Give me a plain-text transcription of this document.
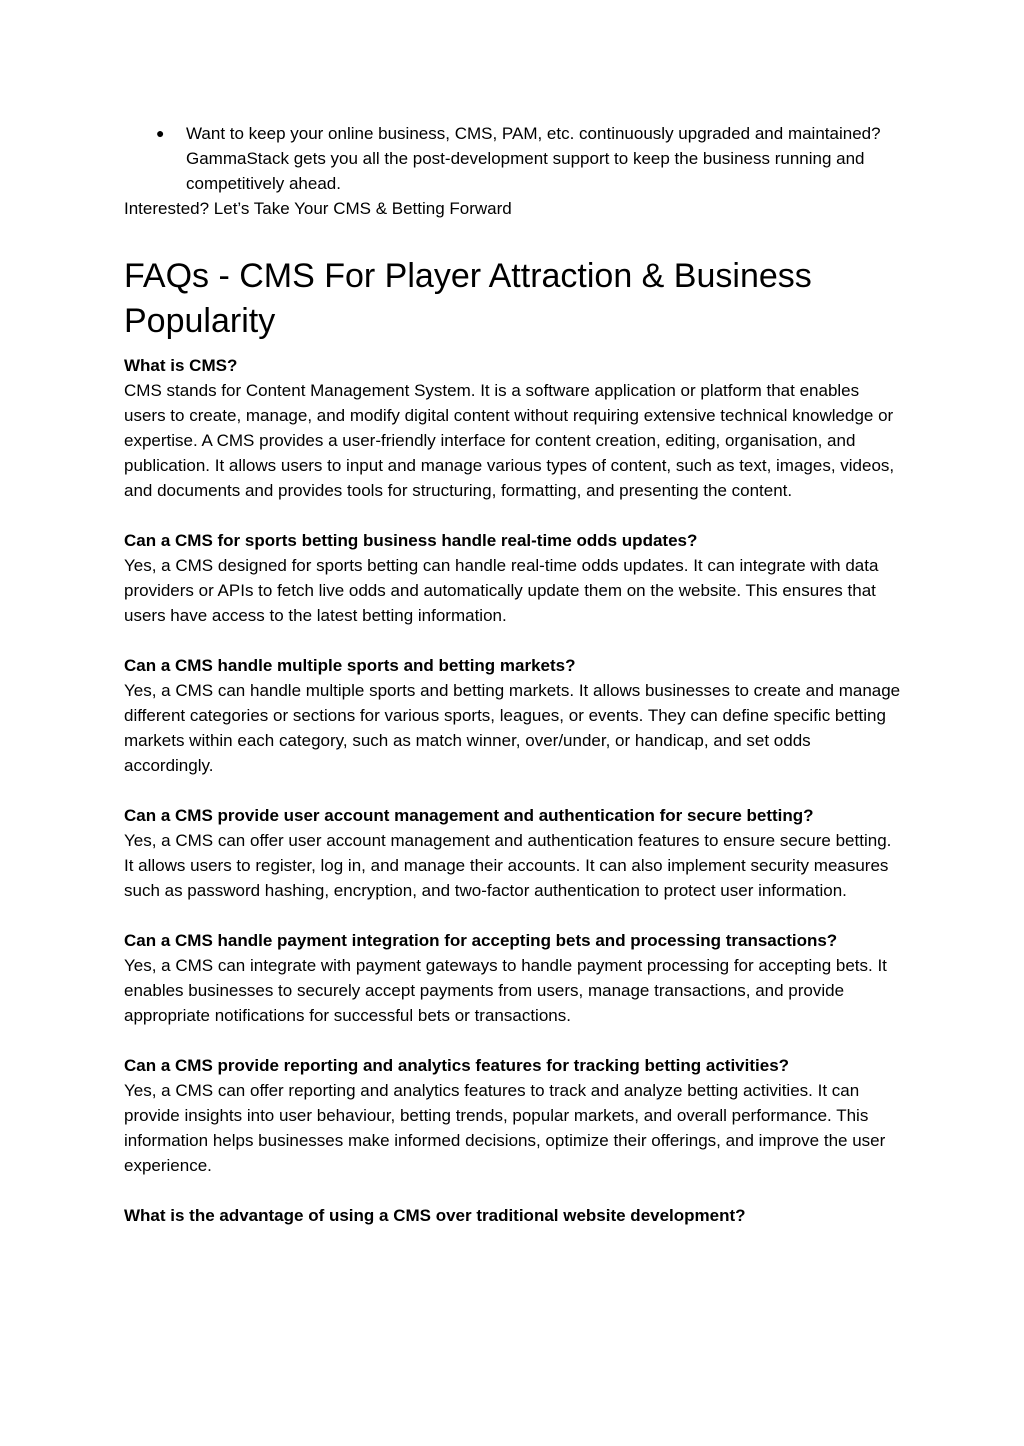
● Want to keep your online business, CMS, PAM, etc. continuously upgraded and maintained? GammaStack gets you all the post-development support to keep the business running and competitively ahead.

Interested? Let’s Take Your CMS & Betting Forward

FAQs - CMS For Player Attraction & Business Popularity

What is CMS?

CMS stands for Content Management System. It is a software application or platform that enables users to create, manage, and modify digital content without requiring extensive technical knowledge or expertise. A CMS provides a user-friendly interface for content creation, editing, organisation, and publication. It allows users to input and manage various types of content, such as text, images, videos, and documents and provides tools for structuring, formatting, and presenting the content.

Can a CMS for sports betting business handle real-time odds updates?

Yes, a CMS designed for sports betting can handle real-time odds updates. It can integrate with data providers or APIs to fetch live odds and automatically update them on the website. This ensures that users have access to the latest betting information.

Can a CMS handle multiple sports and betting markets?

Yes, a CMS can handle multiple sports and betting markets. It allows businesses to create and manage different categories or sections for various sports, leagues, or events. They can define specific betting markets within each category, such as match winner, over/under, or handicap, and set odds accordingly.

Can a CMS provide user account management and authentication for secure betting?

Yes, a CMS can offer user account management and authentication features to ensure secure betting. It allows users to register, log in, and manage their accounts. It can also implement security measures such as password hashing, encryption, and two-factor authentication to protect user information.

Can a CMS handle payment integration for accepting bets and processing transactions?

Yes, a CMS can integrate with payment gateways to handle payment processing for accepting bets. It enables businesses to securely accept payments from users, manage transactions, and provide appropriate notifications for successful bets or transactions.

Can a CMS provide reporting and analytics features for tracking betting activities?

Yes, a CMS can offer reporting and analytics features to track and analyze betting activities. It can provide insights into user behaviour, betting trends, popular markets, and overall performance. This information helps businesses make informed decisions, optimize their offerings, and improve the user experience.

What is the advantage of using a CMS over traditional website development?
